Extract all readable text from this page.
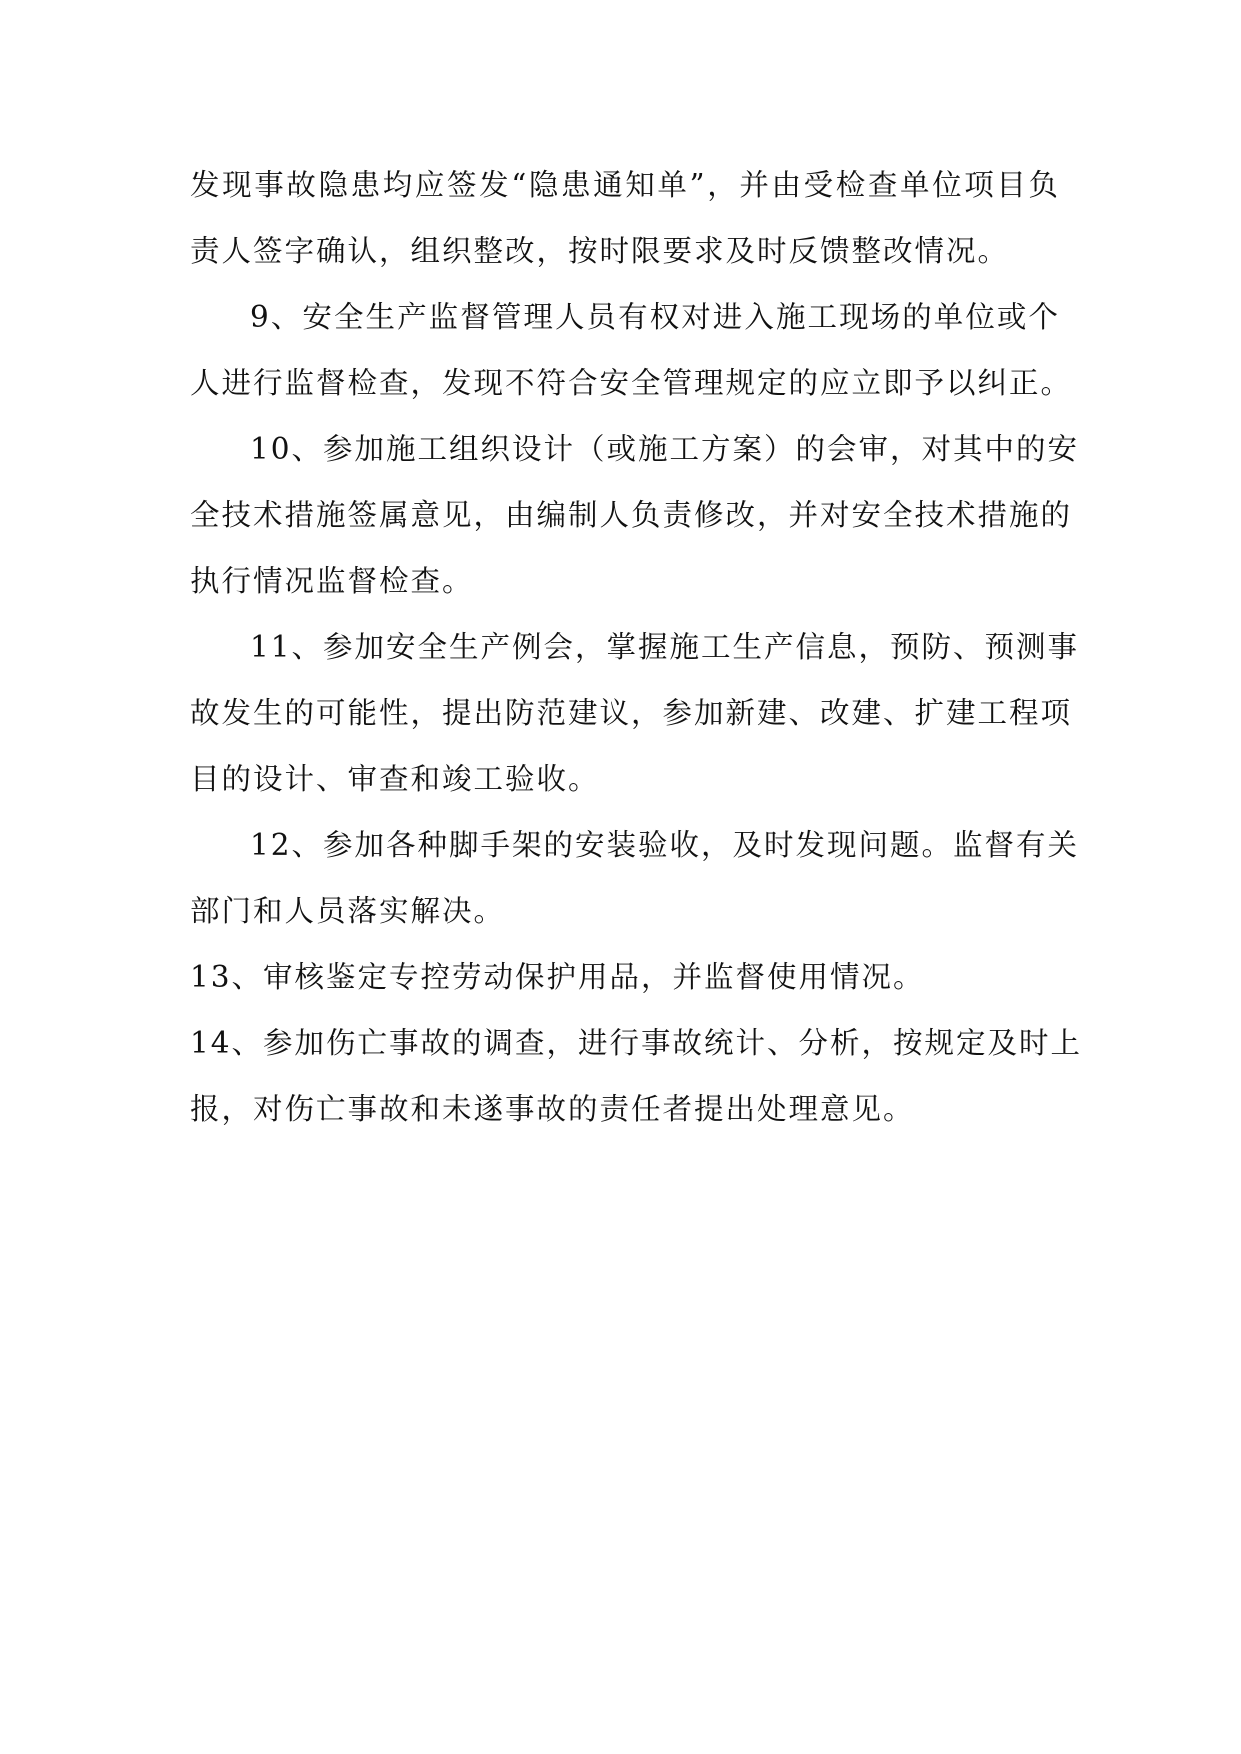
发现事故隐患均应签发“隐患通知单”，并由受检查单位项目负
责人签字确认，组织整改，按时限要求及时反馈整改情况。
9、安全生产监督管理人员有权对进入施工现场的单位或个
人进行监督检查，发现不符合安全管理规定的应立即予以纠正。
10、参加施工组织设计（或施工方案）的会审，对其中的安
全技术措施签属意见，由编制人负责修改，并对安全技术措施的
执行情况监督检查。
11、参加安全生产例会，掌握施工生产信息，预防、预测事
故发生的可能性，提出防范建议，参加新建、改建、扩建工程项
目的设计、审查和竣工验收。
12、参加各种脚手架的安装验收，及时发现问题。监督有关
部门和人员落实解决。
13、审核鉴定专控劳动保护用品，并监督使用情况。
14、参加伤亡事故的调查，进行事故统计、分析，按规定及时上
报，对伤亡事故和未遂事故的责任者提出处理意见。
